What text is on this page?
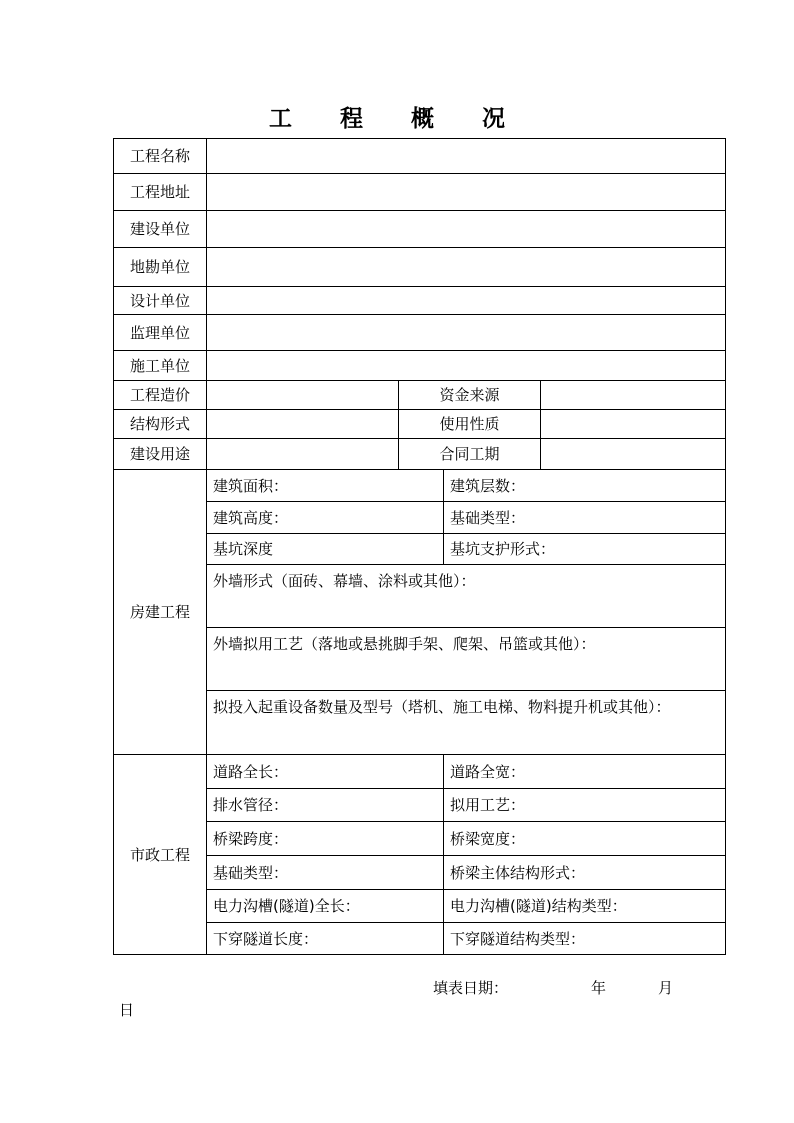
工 程 概 况
工程名称
工程地址
建设单位
地勘单位
设计单位
监理单位
施工单位
工程造价	资金来源
结构形式	使用性质
建设用途	合同工期
房建工程
建筑面积：	建筑层数：
建筑高度：	基础类型：
基坑深度	基坑支护形式：
外墙形式（面砖、幕墙、涂料或其他）：
外墙拟用工艺（落地或悬挑脚手架、爬架、吊篮或其他）：
拟投入起重设备数量及型号（塔机、施工电梯、物料提升机或其他）：
市政工程
道路全长：	道路全宽：
排水管径：	拟用工艺：
桥梁跨度：	桥梁宽度：
基础类型：	桥梁主体结构形式：
电力沟槽(隧道)全长：	电力沟槽(隧道)结构类型：
下穿隧道长度：	下穿隧道结构类型：
填表日期：	年	月
日
